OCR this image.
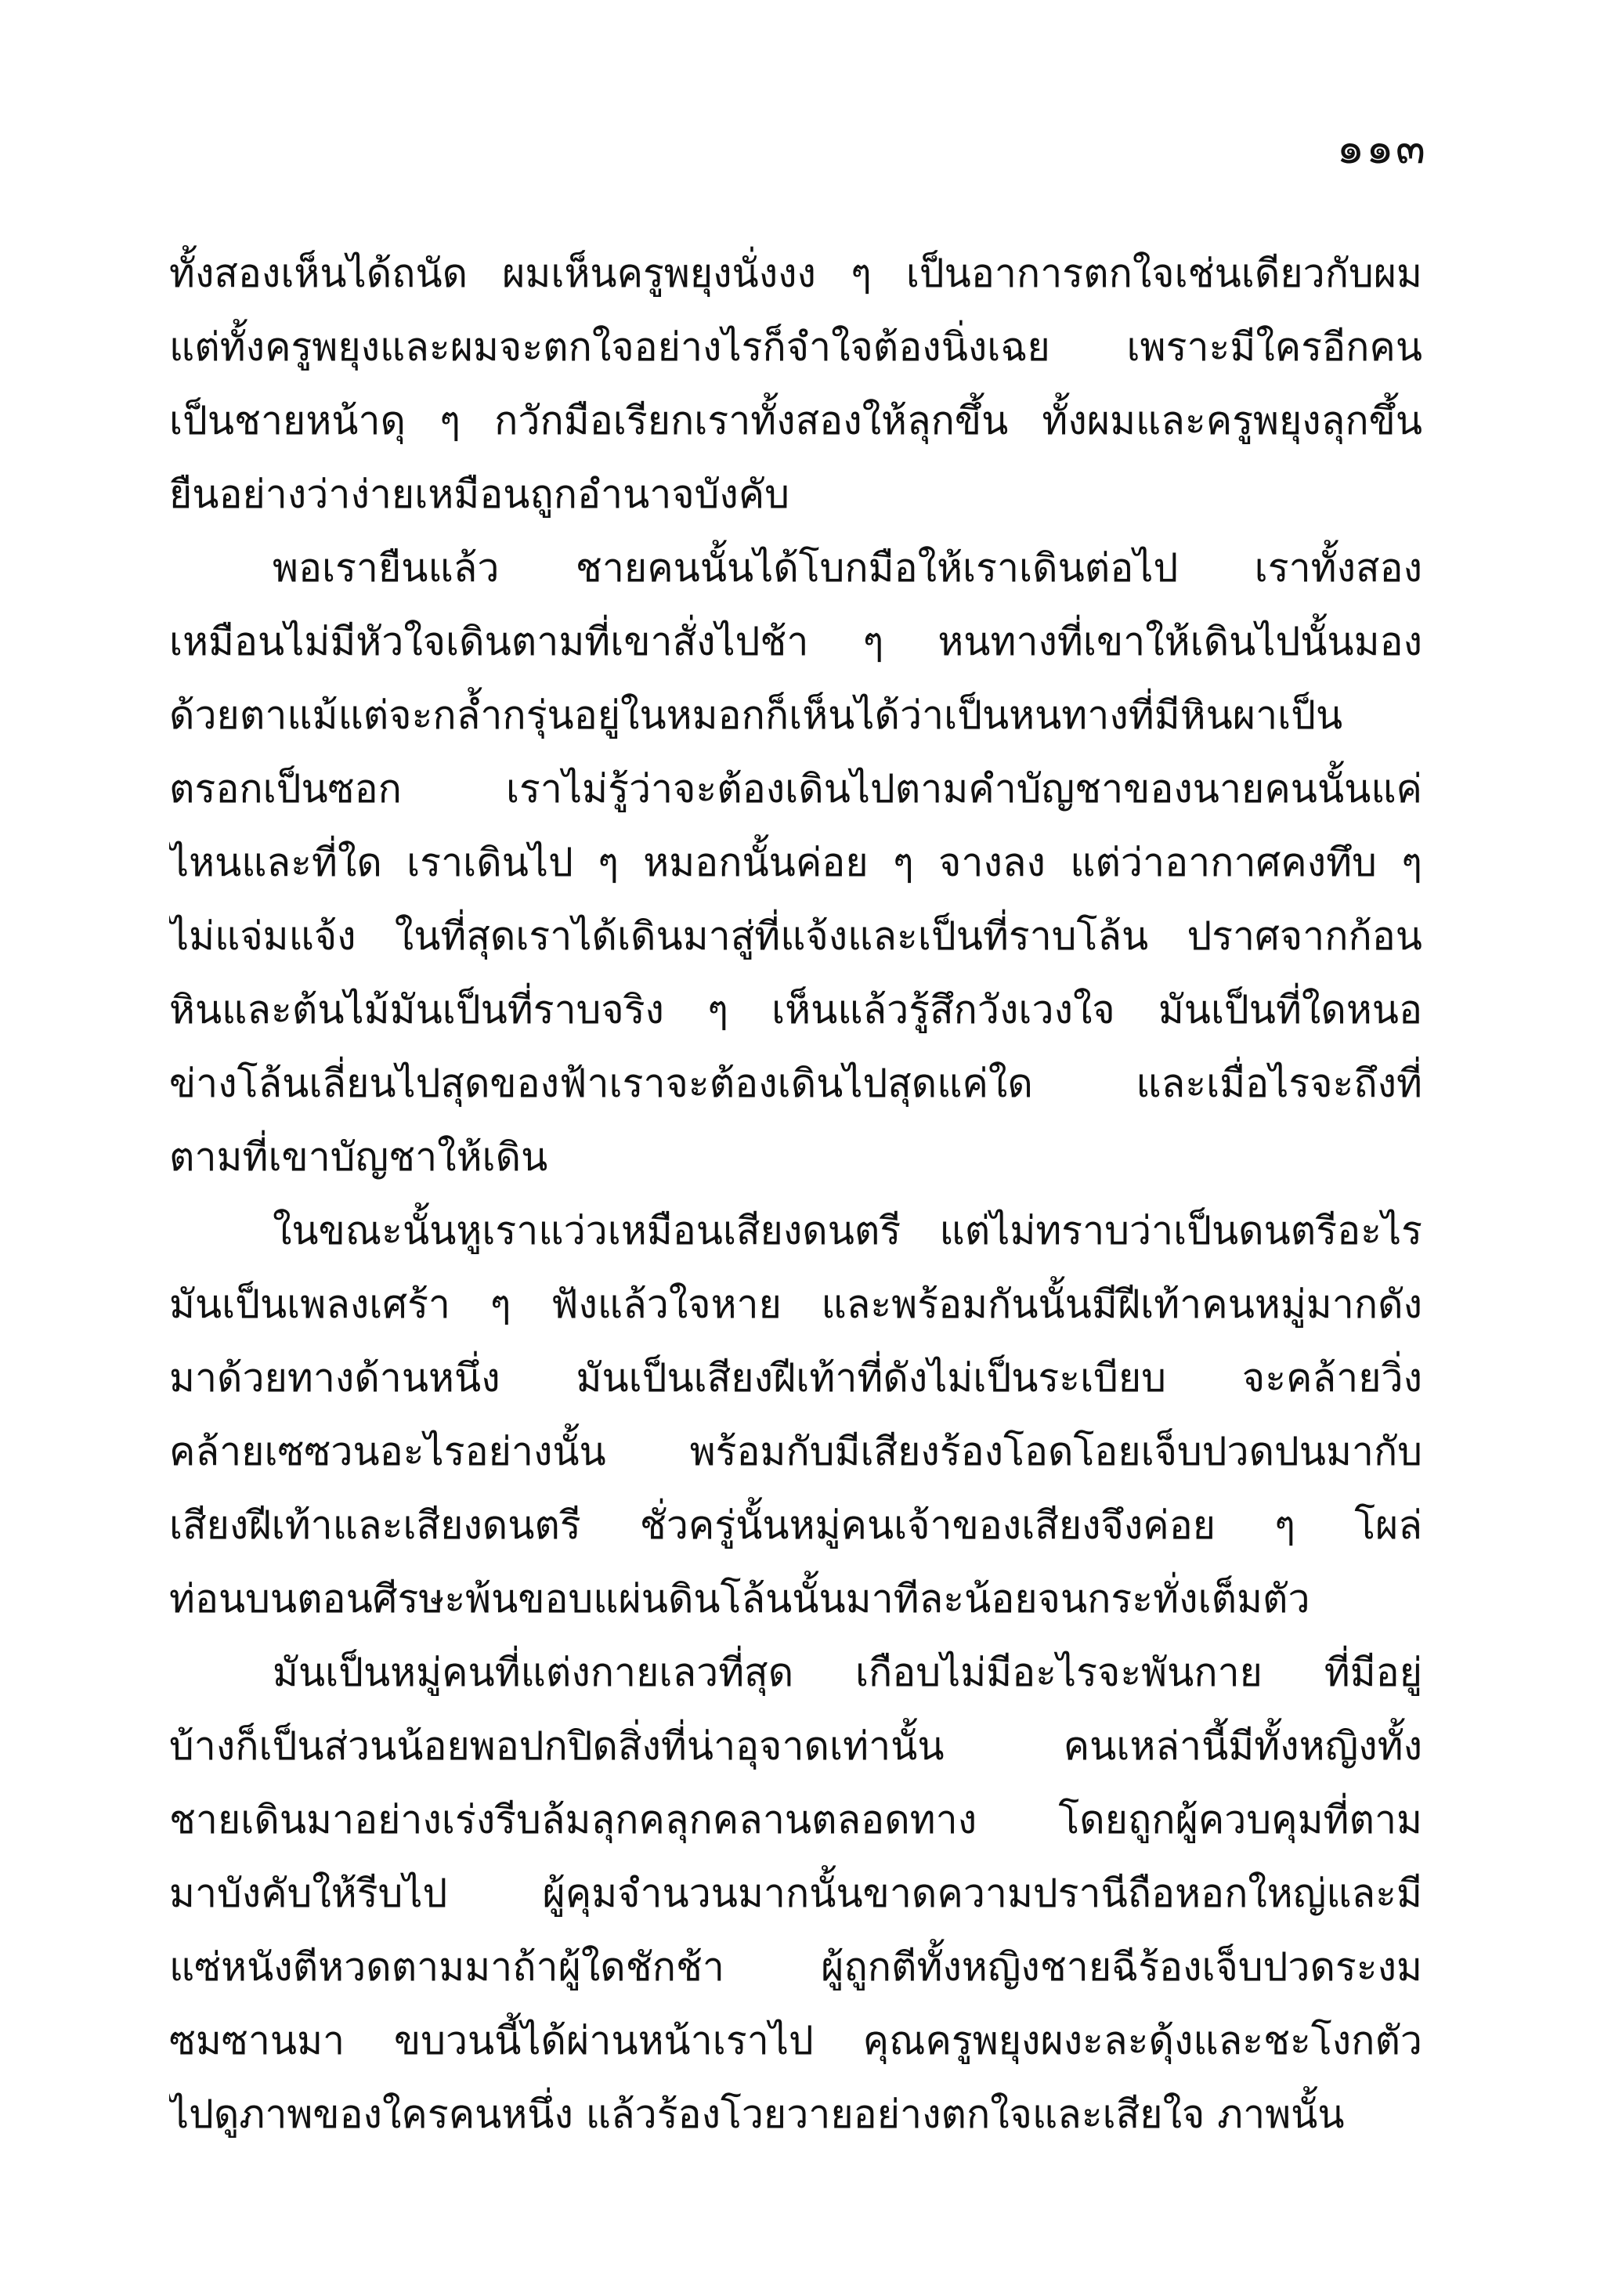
๑๑๓
ทั้งสองเห็นได้ถนัด ผมเห็นครูพยุงนั่งงง ๆ เป็นอาการตกใจเช่นเดียวกับผม
แต่ทั้งครูพยุงและผมจะตกใจอย่างไรก็จำใจต้องนิ่งเฉย เพราะมีใครอีกคน
เป็นชายหน้าดุ ๆ กวักมือเรียกเราทั้งสองให้ลุกขึ้น ทั้งผมและครูพยุงลุกขึ้น
ยืนอย่างว่าง่ายเหมือนถูกอำนาจบังคับ
พอเรายืนแล้ว ชายคนนั้นได้โบกมือให้เราเดินต่อไป เราทั้งสอง
เหมือนไม่มีหัวใจเดินตามที่เขาสั่งไปช้า ๆ หนทางที่เขาให้เดินไปนั้นมอง
ด้วยตาแม้แต่จะกล้ำกรุ่นอยู่ในหมอกก็เห็นได้ว่าเป็นหนทางที่มีหินผาเป็น
ตรอกเป็นซอก เราไม่รู้ว่าจะต้องเดินไปตามคำบัญชาของนายคนนั้นแค่
ไหนและที่ใด เราเดินไป ๆ หมอกนั้นค่อย ๆ จางลง แต่ว่าอากาศคงทึบ ๆ
ไม่แจ่มแจ้ง ในที่สุดเราได้เดินมาสู่ที่แจ้งและเป็นที่ราบโล้น ปราศจากก้อน
หินและต้นไม้มันเป็นที่ราบจริง ๆ เห็นแล้วรู้สึกวังเวงใจ มันเป็นที่ใดหนอ
ข่างโล้นเลี่ยนไปสุดของฟ้าเราจะต้องเดินไปสุดแค่ใด และเมื่อไรจะถึงที่
ตามที่เขาบัญชาให้เดิน
ในขณะนั้นหูเราแว่วเหมือนเสียงดนตรี แต่ไม่ทราบว่าเป็นดนตรีอะไร
มันเป็นเพลงเศร้า ๆ ฟังแล้วใจหาย และพร้อมกันนั้นมีฝีเท้าคนหมู่มากดัง
มาด้วยทางด้านหนึ่ง มันเป็นเสียงฝีเท้าที่ดังไม่เป็นระเบียบ จะคล้ายวิ่ง
คล้ายเซซวนอะไรอย่างนั้น พร้อมกับมีเสียงร้องโอดโอยเจ็บปวดปนมากับ
เสียงฝีเท้าและเสียงดนตรี ชั่วครู่นั้นหมู่คนเจ้าของเสียงจึงค่อย ๆ โผล่
ท่อนบนตอนศีรษะพ้นขอบแผ่นดินโล้นนั้นมาทีละน้อยจนกระทั่งเต็มตัว
มันเป็นหมู่คนที่แต่งกายเลวที่สุด เกือบไม่มีอะไรจะพันกาย ที่มีอยู่
บ้างก็เป็นส่วนน้อยพอปกปิดสิ่งที่น่าอุจาดเท่านั้น คนเหล่านี้มีทั้งหญิงทั้ง
ชายเดินมาอย่างเร่งรีบล้มลุกคลุกคลานตลอดทาง โดยถูกผู้ควบคุมที่ตาม
มาบังคับให้รีบไป ผู้คุมจำนวนมากนั้นขาดความปรานีถือหอกใหญ่และมี
แซ่หนังตีหวดตามมาถ้าผู้ใดชักช้า ผู้ถูกตีทั้งหญิงชายฉีร้องเจ็บปวดระงม
ซมซานมา ขบวนนี้ได้ผ่านหน้าเราไป คุณครูพยุงผงะละดุ้งและชะโงกตัว
ไปดูภาพของใครคนหนึ่ง แล้วร้องโวยวายอย่างตกใจและเสียใจ ภาพนั้น
